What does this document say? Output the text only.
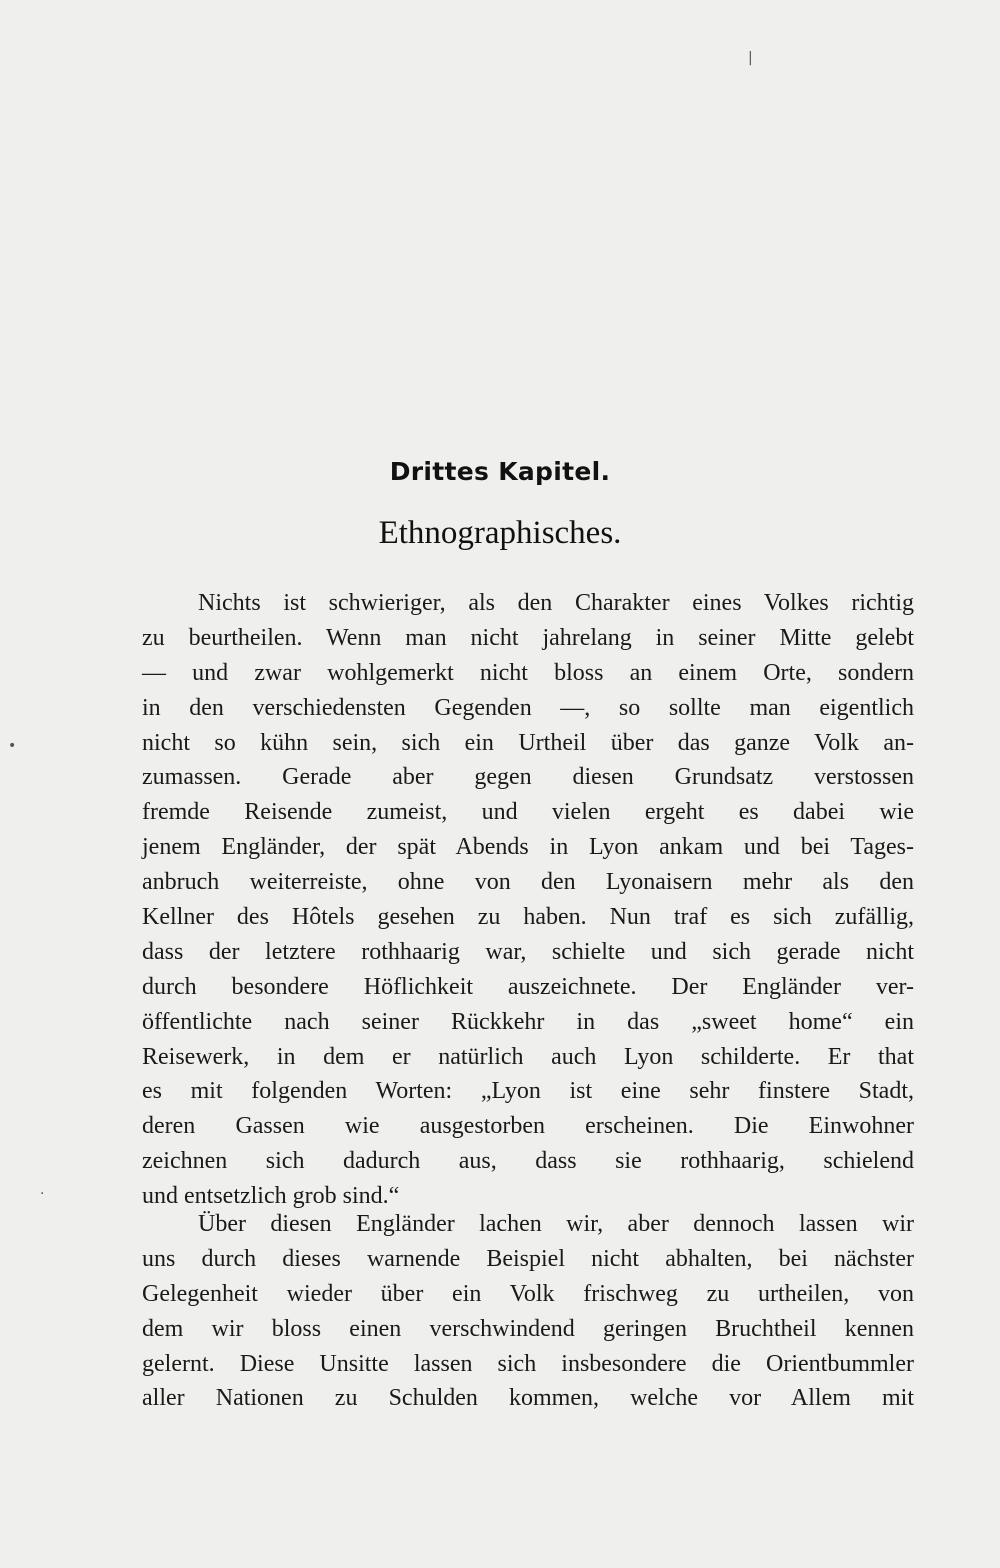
Drittes Kapitel.
Ethnographisches.
Nichts ist schwieriger, als den Charakter eines Volkes richtig
zu beurtheilen. Wenn man nicht jahrelang in seiner Mitte gelebt
— und zwar wohlgemerkt nicht bloss an einem Orte, sondern
in den verschiedensten Gegenden —, so sollte man eigentlich
nicht so kühn sein, sich ein Urtheil über das ganze Volk an-
zumassen. Gerade aber gegen diesen Grundsatz verstossen
fremde Reisende zumeist, und vielen ergeht es dabei wie
jenem Engländer, der spät Abends in Lyon ankam und bei Tages-
anbruch weiterreiste, ohne von den Lyonaisern mehr als den
Kellner des Hôtels gesehen zu haben. Nun traf es sich zufällig,
dass der letztere rothhaarig war, schielte und sich gerade nicht
durch besondere Höflichkeit auszeichnete. Der Engländer ver-
öffentlichte nach seiner Rückkehr in das „sweet home“ ein
Reisewerk, in dem er natürlich auch Lyon schilderte. Er that
es mit folgenden Worten: „Lyon ist eine sehr finstere Stadt,
deren Gassen wie ausgestorben erscheinen. Die Einwohner
zeichnen sich dadurch aus, dass sie rothhaarig, schielend
und entsetzlich grob sind.“
Über diesen Engländer lachen wir, aber dennoch lassen wir
uns durch dieses warnende Beispiel nicht abhalten, bei nächster
Gelegenheit wieder über ein Volk frischweg zu urtheilen, von
dem wir bloss einen verschwindend geringen Bruchtheil kennen
gelernt. Diese Unsitte lassen sich insbesondere die Orientbummler
aller Nationen zu Schulden kommen, welche vor Allem mit
|
•
·
